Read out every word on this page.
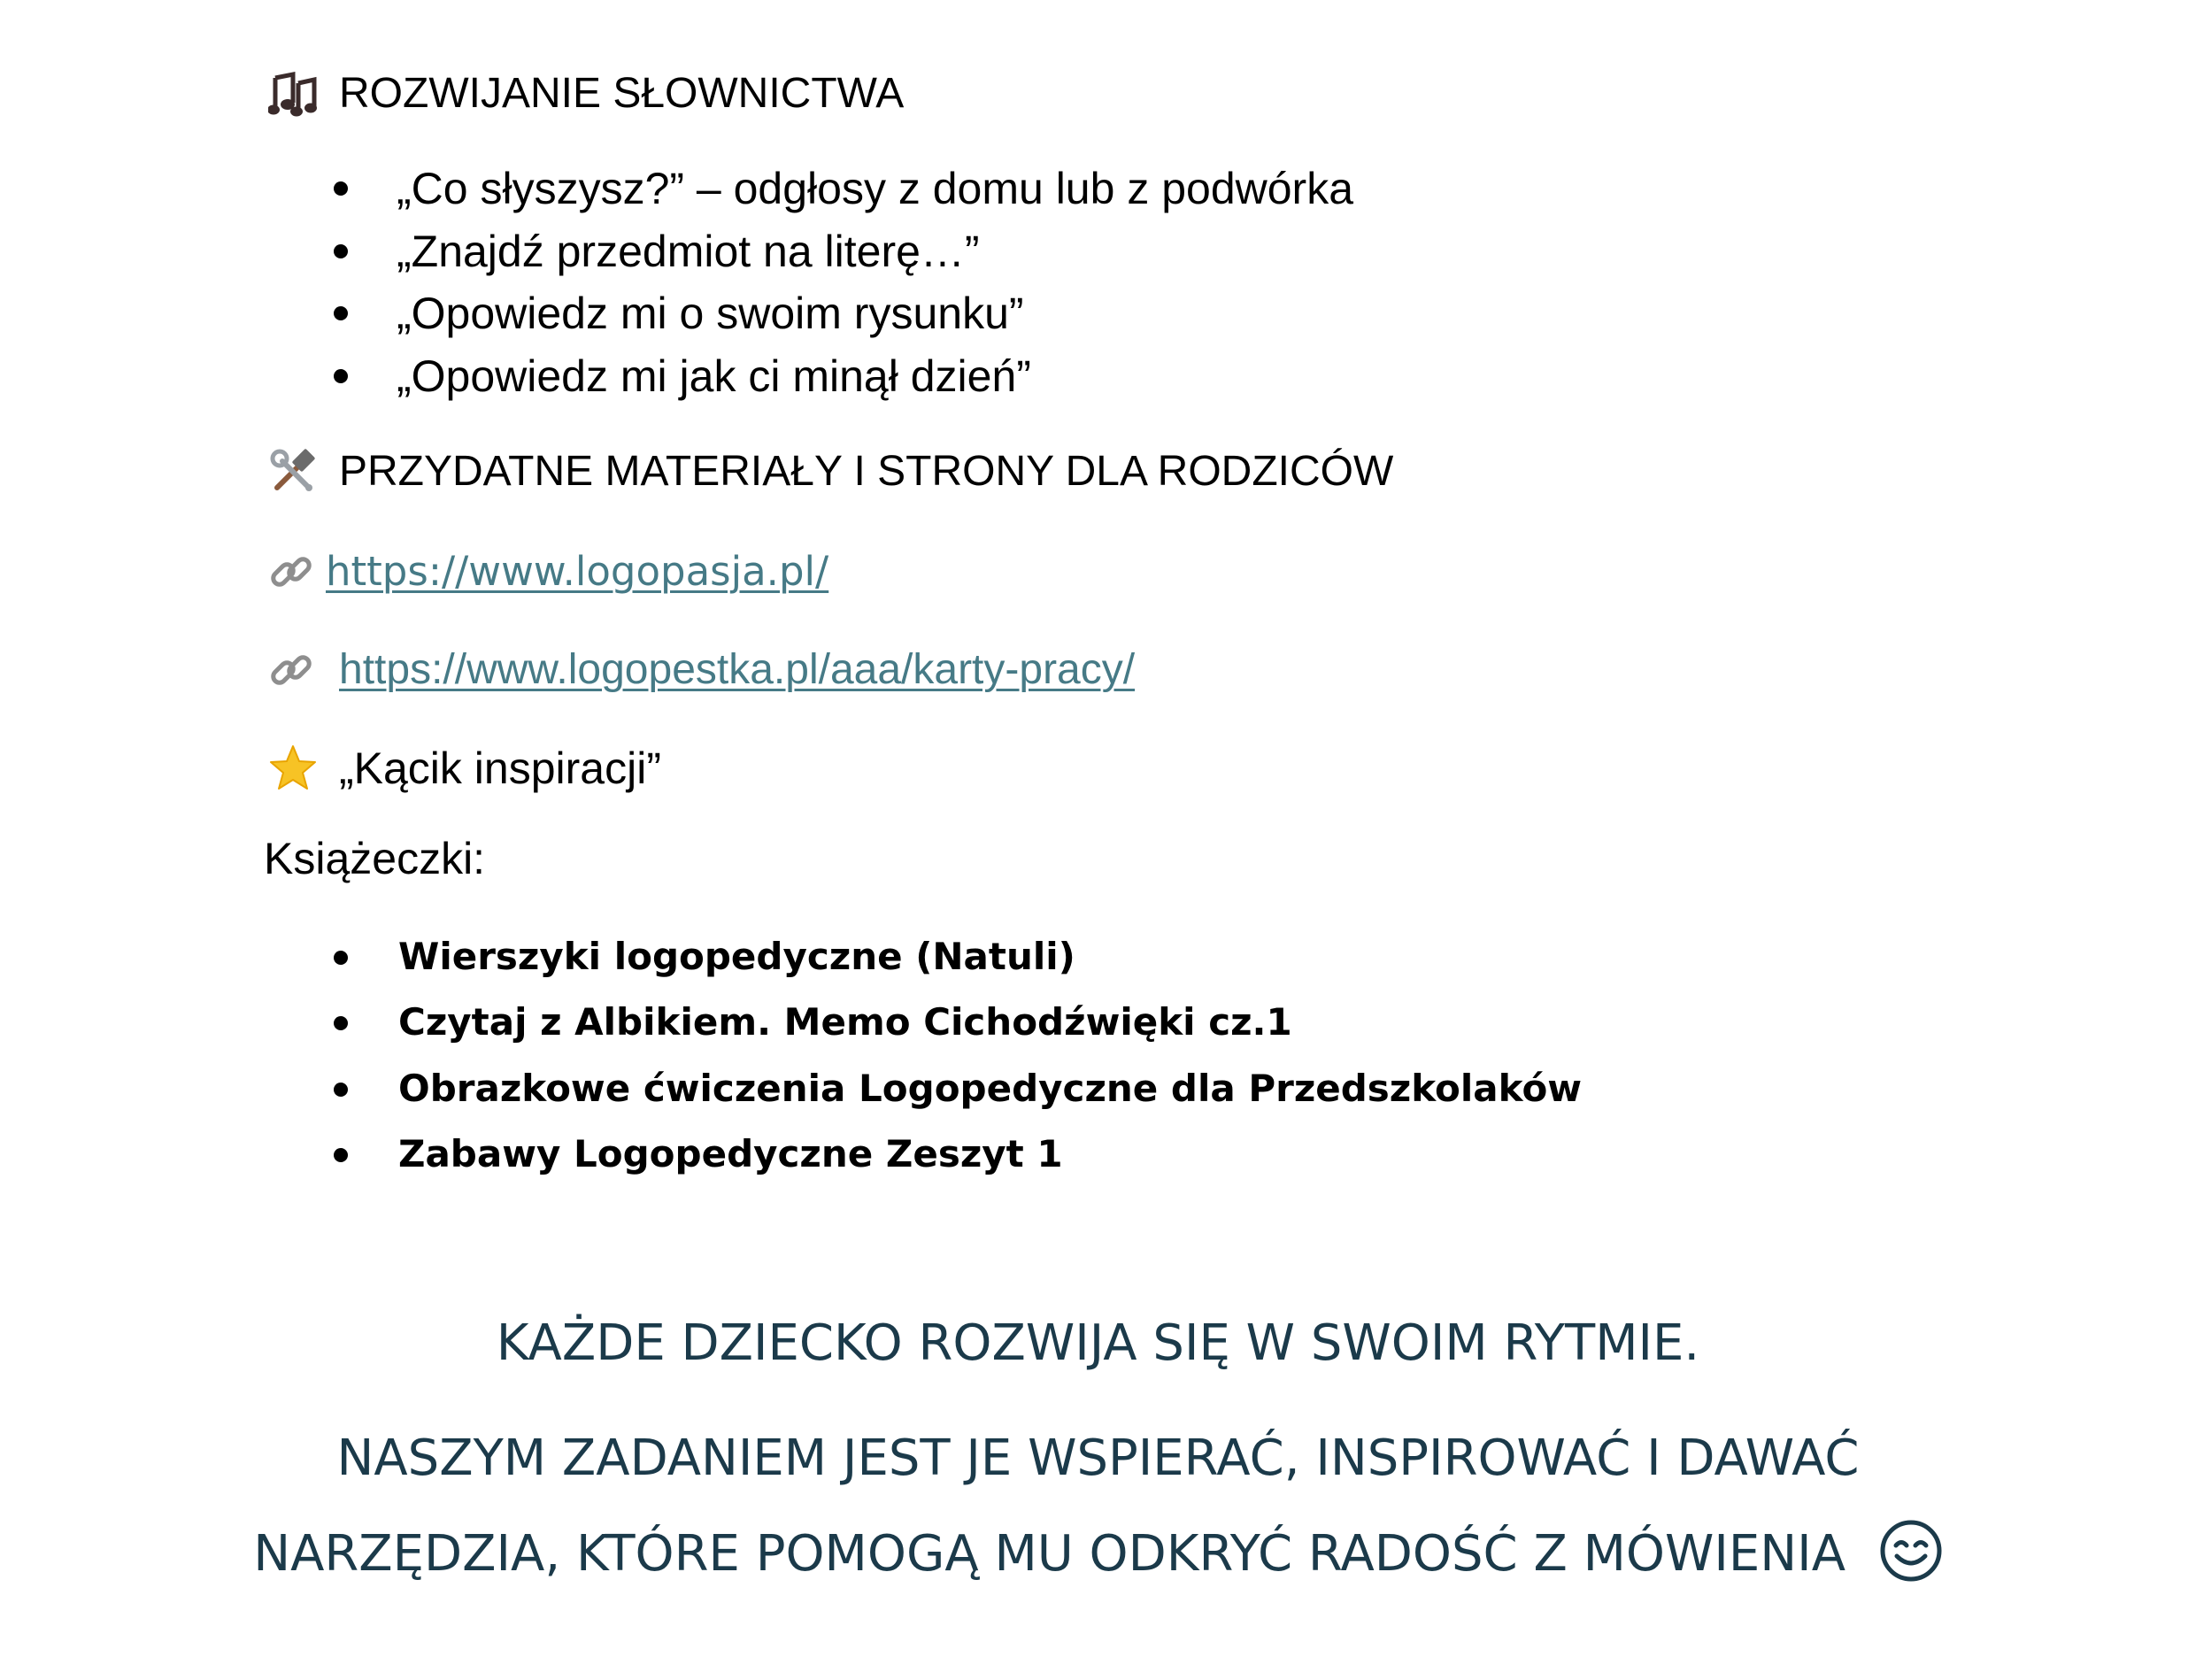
ROZWIJANIE SŁOWNICTWA
„Co słyszysz?” – odgłosy z domu lub z podwórka
„Znajdź przedmiot na literę…”
„Opowiedz mi o swoim rysunku”
„Opowiedz mi jak ci minął dzień”
PRZYDATNE MATERIAŁY I STRONY DLA RODZICÓW
https://www.logopasja.pl/
https://www.logopestka.pl/aaa/karty-pracy/
„Kącik inspiracji”
Książeczki:
Wierszyki logopedyczne (Natuli)
Czytaj z Albikiem. Memo Cichodźwięki cz.1
Obrazkowe ćwiczenia Logopedyczne dla Przedszkolaków
Zabawy Logopedyczne Zeszyt 1
KAŻDE DZIECKO ROZWIJA SIĘ W SWOIM RYTMIE.
NASZYM ZADANIEM JEST JE WSPIERAĆ, INSPIROWAĆ I DAWAĆ
NARZĘDZIA, KTÓRE POMOGĄ MU ODKRYĆ RADOŚĆ Z MÓWIENIA
